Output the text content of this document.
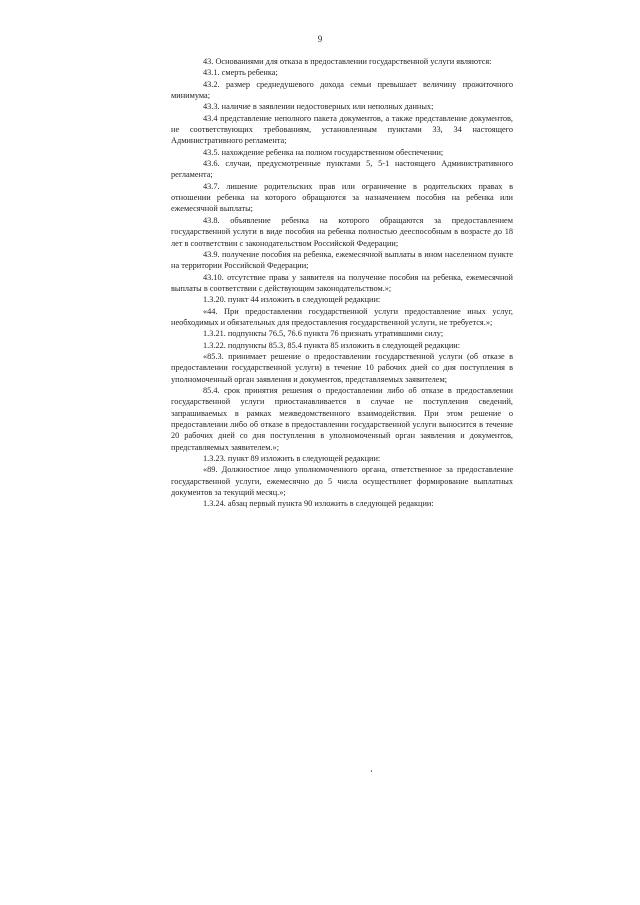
9

43. Основаниями для отказа в предоставлении государственной услуги являются:

43.1. смерть ребенка;

43.2. размер среднедушевого дохода семьи превышает величину прожиточного минимума;

43.3. наличие в заявлении недостоверных или неполных данных;

43.4 представление неполного пакета документов, а также представление документов, не соответствующих требованиям, установленным пунктами 33, 34 настоящего Административного регламента;

43.5. нахождение ребенка на полном государственном обеспечении;

43.6. случаи, предусмотренные пунктами 5, 5-1 настоящего Административного регламента;

43.7. лишение родительских прав или ограничение в родительских правах в отношении ребенка на которого обращаются за назначением пособия на ребенка или ежемесячной выплаты;

43.8. объявление ребенка на которого обращаются за предоставлением государственной услуги в виде пособия на ребенка полностью дееспособным в возрасте до 18 лет в соответствии с законодательством Российской Федерации;

43.9. получение пособия на ребенка, ежемесячной выплаты в ином населенном пункте на территории Российской Федерации;

43.10. отсутствие права у заявителя на получение пособия на ребенка, ежемесячной выплаты в соответствии с действующим законодательством.»;

1.3.20. пункт 44 изложить в следующей редакции:

«44. При предоставлении государственной услуги предоставление иных услуг, необходимых и обязательных для предоставления государственной услуги, не требуется.»;

1.3.21. подпункты 76.5, 76.6 пункта 76 признать утратившими силу;

1.3.22. подпункты 85.3, 85.4 пункта 85 изложить в следующей редакции:

«85.3. принимает решение о предоставлении государственной услуги (об отказе в предоставлении государственной услуги) в течение 10 рабочих дней со дня поступления в уполномоченный орган заявления и документов, представляемых заявителем;

85.4. срок принятия решения о предоставлении либо об отказе в предоставлении государственной услуги приостанавливается в случае не поступления сведений, запрашиваемых в рамках межведомственного взаимодействия. При этом решение о предоставлении либо об отказе в предоставлении государственной услуги выносится в течение 20 рабочих дней со дня поступления в уполномоченный орган заявления и документов, представляемых заявителем.»;

1.3.23. пункт 89 изложить в следующей редакции:

«89. Должностное лицо уполномоченного органа, ответственное за предоставление государственной услуги, ежемесячно до 5 числа осуществляет формирование выплатных документов за текущий месяц.»;

1.3.24. абзац первый пункта 90 изложить в следующей редакции:
